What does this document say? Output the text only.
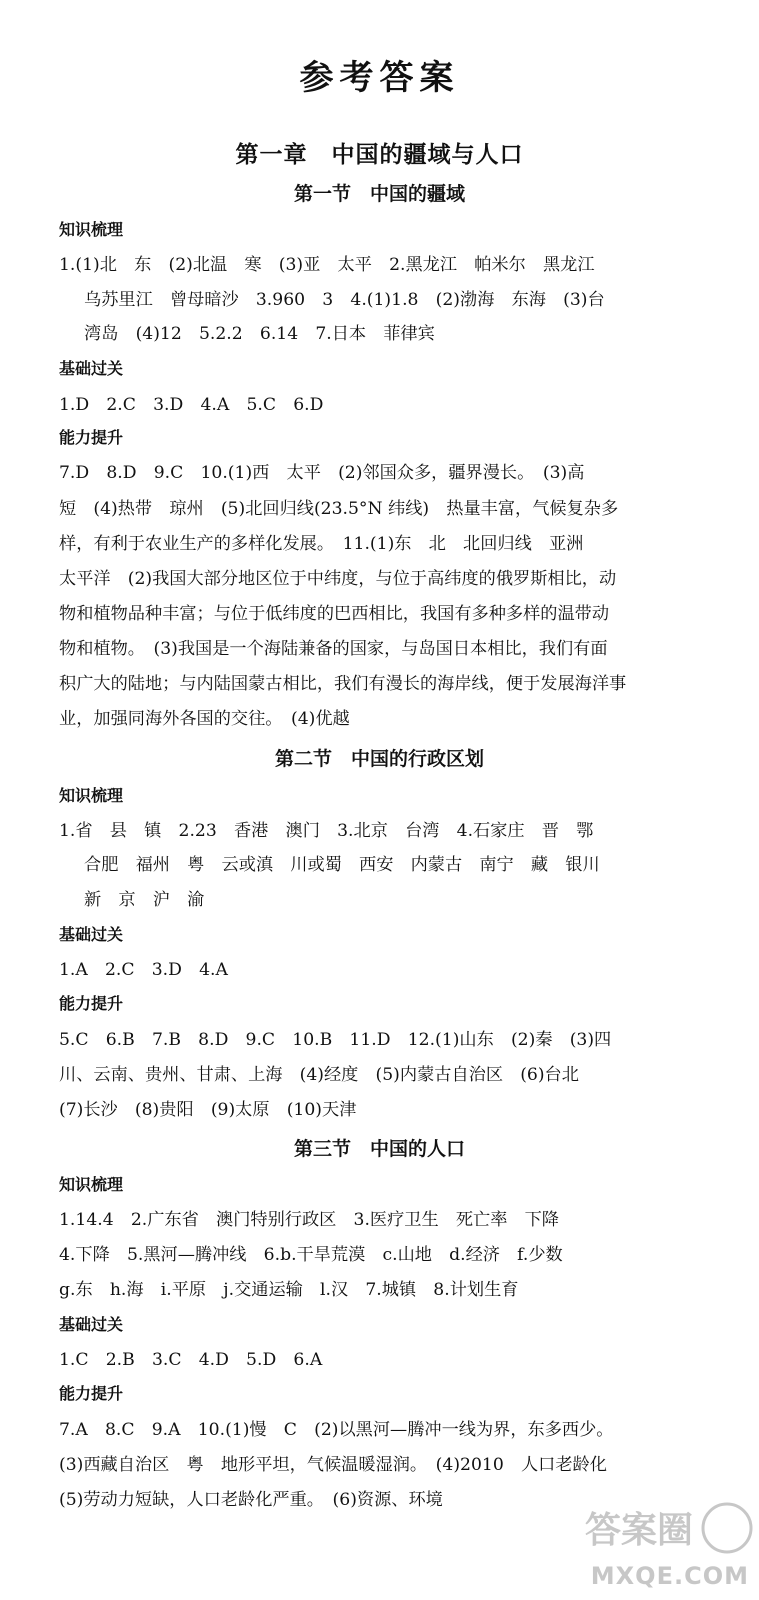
参考答案
第一章　中国的疆域与人口
第一节　中国的疆域
知识梳理
1.(1)北　东　(2)北温　寒　(3)亚　太平　2.黑龙江　帕米尔　黑龙江
乌苏里江　曾母暗沙　3.960　3　4.(1)1.8　(2)渤海　东海　(3)台
湾岛　(4)12　5.2.2　6.14　7.日本　菲律宾
基础过关
1.D　2.C　3.D　4.A　5.C　6.D
能力提升
7.D　8.D　9.C　10.(1)西　太平　(2)邻国众多，疆界漫长。　(3)高
短　(4)热带　琼州　(5)北回归线(23.5°N 纬线)　热量丰富，气候复杂多
样，有利于农业生产的多样化发展。　11.(1)东　北　北回归线　亚洲
太平洋　(2)我国大部分地区位于中纬度，与位于高纬度的俄罗斯相比，动
物和植物品种丰富；与位于低纬度的巴西相比，我国有多种多样的温带动
物和植物。　(3)我国是一个海陆兼备的国家，与岛国日本相比，我们有面
积广大的陆地；与内陆国蒙古相比，我们有漫长的海岸线，便于发展海洋事
业，加强同海外各国的交往。　(4)优越
第二节　中国的行政区划
知识梳理
1.省　县　镇　2.23　香港　澳门　3.北京　台湾　4.石家庄　晋　鄂
合肥　福州　粤　云或滇　川或蜀　西安　内蒙古　南宁　藏　银川
新　京　沪　渝
基础过关
1.A　2.C　3.D　4.A
能力提升
5.C　6.B　7.B　8.D　9.C　10.B　11.D　12.(1)山东　(2)秦　(3)四
川、云南、贵州、甘肃、上海　(4)经度　(5)内蒙古自治区　(6)台北
(7)长沙　(8)贵阳　(9)太原　(10)天津
第三节　中国的人口
知识梳理
1.14.4　2.广东省　澳门特别行政区　3.医疗卫生　死亡率　下降
4.下降　5.黑河—腾冲线　6.b.干旱荒漠　c.山地　d.经济　f.少数
g.东　h.海　i.平原　j.交通运输　l.汉　7.城镇　8.计划生育
基础过关
1.C　2.B　3.C　4.D　5.D　6.A
能力提升
7.A　8.C　9.A　10.(1)慢　C　(2)以黑河—腾冲一线为界，东多西少。
(3)西藏自治区　粤　地形平坦，气候温暖湿润。　(4)2010　人口老龄化
(5)劳动力短缺，人口老龄化严重。　(6)资源、环境
答案圈
MXQE.COM
